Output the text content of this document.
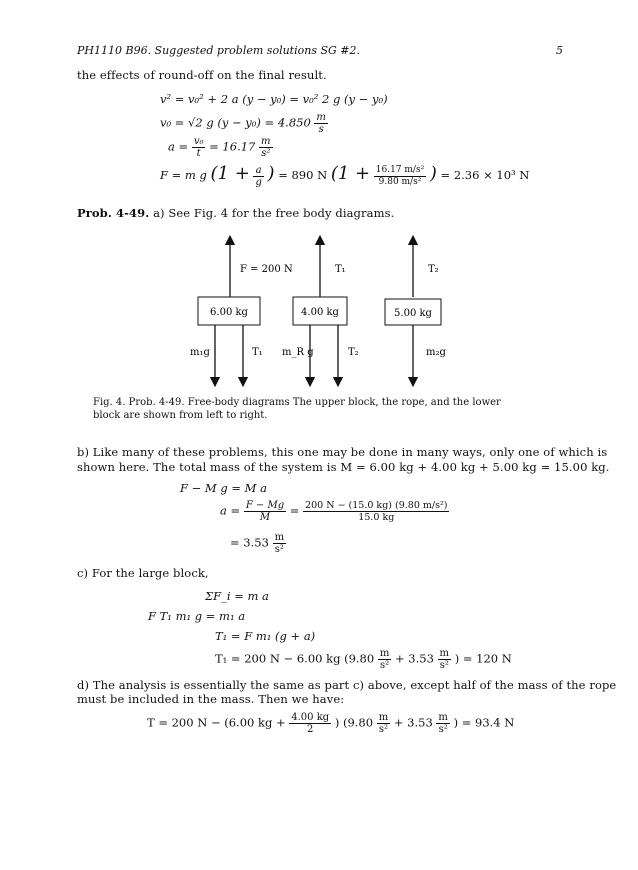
PH1110 B96. Suggested problem solutions SG #2.	5
the effects of round-off on the final result.
v² = v₀² + 2 a (y − y₀) = v₀² 2 g (y − y₀)
v₀ = √2 g $(y - y_0) = 4.850 \frac{m}{s}$
$a = \frac{\text{v₀}}{t} = 16.17 \frac{m}{\text{s²}}$
F = m g ($1 + \frac{a}{g}$ ) = 890 N ($1 + \frac{\text{16.17 m/s²}}{\text{9.80 m/s²}}$ ) = 2.36 × 10³ N
Prob. 4-49. a) See Fig. 4 for the free body diagrams.
F = 200 N
6.00 kg
m₁g	T₁
T₁
4.00 kg
m_R g	T₂
T₂
5.00 kg
m₂g
Fig. 4. Prob. 4-49. Free-body diagrams The upper block, the rope, and the lower
block are shown from left to right.
b) Like many of these problems, this one may be done in many ways, only one of which is
shown here. The total mass of the system is M = 6.00 kg + 4.00 kg + 5.00 kg = 15.00 kg.
F − M g = M a
$a = \frac{F - Mg}{M} = \frac{\text{200 N − (15.0 kg) (9.80 m/s²)}}{15.0 kg}$
= $3.53 \frac{m}{\text{s²}}$
c) For the large block,
ΣF_i = m a
F T₁ m₁ g = m₁ a
T₁ = F m₁ (g + a)
T₁ = 200 N − 6.00 kg ($9.80 \frac{m}{\text{s²}} + 3.53 \frac{m}{\text{s²}}$ ) = 120 N
d) The analysis is essentially the same as part c) above, except half of the mass of the rope
must be included in the mass. Then we have:
T = 200 N − (6.00 kg + $\frac{4.00 kg}{2}$ ) ($9.80 \frac{m}{\text{s²}} + 3.53 \frac{m}{\text{s²}}$ ) = 93.4 N
